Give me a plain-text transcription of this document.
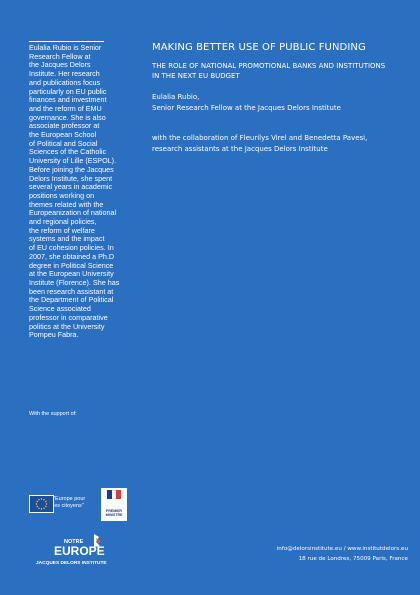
Eulalia Rubio is Senior
Research Fellow at
the Jacques Delors
Institute. Her research
and publications focus
particularly on EU public
finances and investment
and the reform of EMU
governance. She is also
associate professor at
the European School
of Political and Social
Sciences of the Catholic
University of Lille (ESPOL).
Before joining the Jacques
Delors Institute, she spent
several years in academic
positions working on
themes related with the
Europeanization of national
and regional policies,
the reform of welfare
systems and the impact
of EU cohesion policies. In
2007, she obtained a Ph.D
degree in Political Science
at the European University
Institute (Florence). She has
been research assistant at
the Department of Political
Science associated
professor in comparative
politics at the University
Pompeu Fabra.
MAKING BETTER USE OF PUBLIC FUNDING
THE ROLE OF NATIONAL PROMOTIONAL BANKS AND INSTITUTIONS
IN THE NEXT EU BUDGET
Eulalia Rubio,
Senior Research Fellow at the Jacques Delors Institute
with the collaboration of Fleurilys Virel and Benedetta Pavesi,
research assistants at the Jacques Delors Institute
With the support of:
"Europe pour
les citoyens"
PREMIER
MINISTRE
NOTRE
EUROPE
JACQUES DELORS INSTITUTE
info@delorsinstitute.eu / www.institutdelors.eu
18 rue de Londres, 75009 Paris, France
